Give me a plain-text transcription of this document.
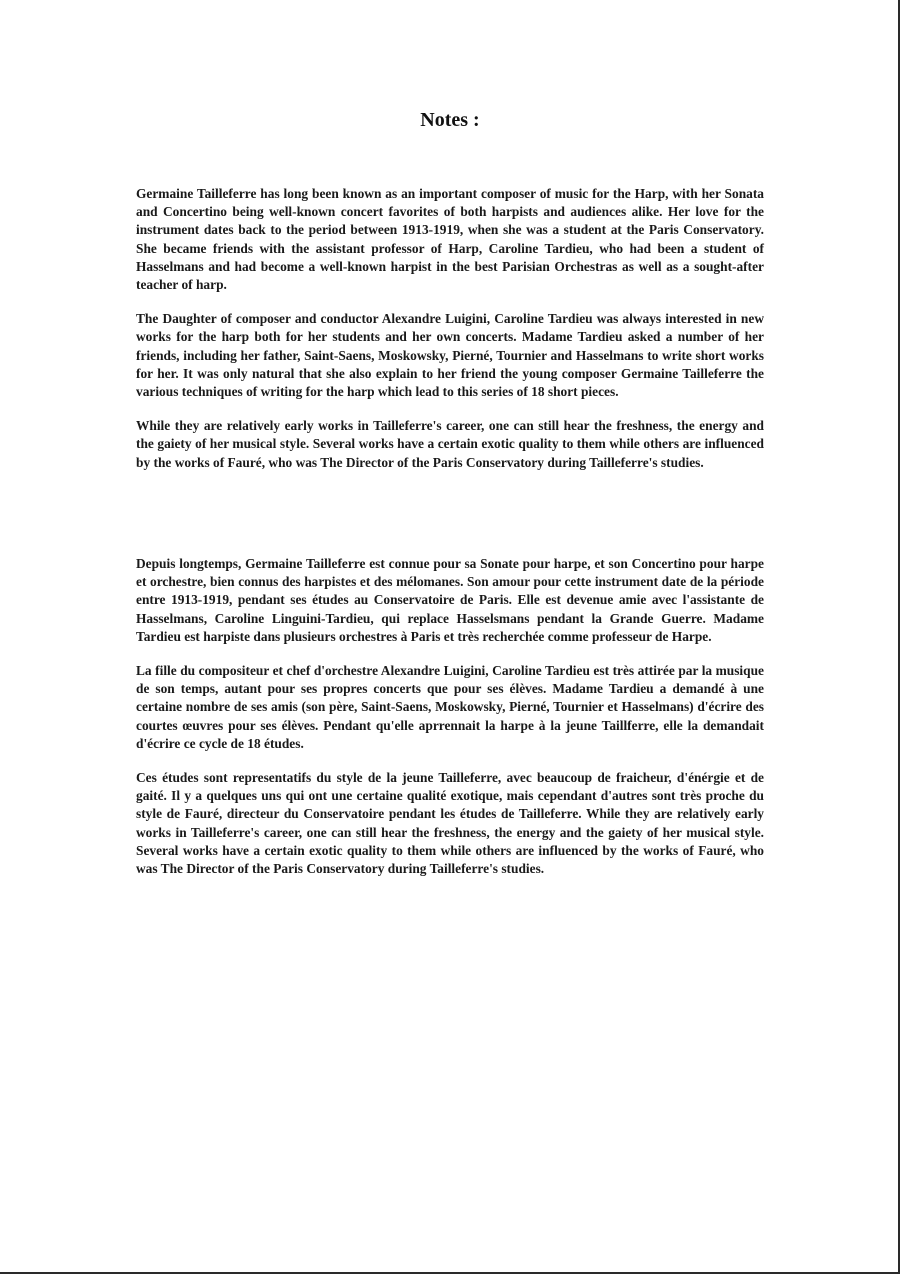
Notes :

Germaine Tailleferre has long been known as an important composer of music for the Harp, with her Sonata and Concertino being well-known concert favorites of both harpists and audiences alike. Her love for the instrument dates back to the period between 1913-1919, when she was a student at the Paris Conservatory. She became friends with the assistant professor of Harp, Caroline Tardieu, who had been a student of Hasselmans and had become a well-known harpist in the best Parisian Orchestras as well as a sought-after teacher of harp.

The Daughter of composer and conductor Alexandre Luigini, Caroline Tardieu was always interested in new works for the harp both for her students and her own concerts. Madame Tardieu asked a number of her friends, including her father, Saint-Saens, Moskowsky, Pierné, Tournier and Hasselmans to write short works for her. It was only natural that she also explain to her friend the young composer Germaine Tailleferre the various techniques of writing for the harp which lead to this series of 18 short pieces.

While they are relatively early works in Tailleferre's career, one can still hear the freshness, the energy and the gaiety of her musical style. Several works have a certain exotic quality to them while others are influenced by the works of Fauré, who was The Director of the Paris Conservatory during Tailleferre's studies.

Depuis longtemps, Germaine Tailleferre est connue pour sa Sonate pour harpe, et son Concertino pour harpe et orchestre, bien connus des harpistes et des mélomanes. Son amour pour cette instrument date de la période entre 1913-1919, pendant ses études au Conservatoire de Paris. Elle est devenue amie avec l'assistante de Hasselmans, Caroline Linguini-Tardieu, qui replace Hasselsmans pendant la Grande Guerre. Madame Tardieu est harpiste dans plusieurs orchestres à Paris et très recherchée comme professeur de Harpe.

La fille du compositeur et chef d'orchestre Alexandre Luigini, Caroline Tardieu est très attirée par la musique de son temps, autant pour ses propres concerts que pour ses élèves. Madame Tardieu a demandé à une certaine nombre de ses amis (son père, Saint-Saens, Moskowsky, Pierné, Tournier et Hasselmans) d'écrire des courtes œuvres pour ses élèves. Pendant qu'elle aprrennait la harpe à la jeune Taillferre, elle la demandait d'écrire ce cycle de 18 études.

Ces études sont representatifs du style de la jeune Tailleferre, avec beaucoup de fraicheur, d'énérgie et de gaité. Il y a quelques uns qui ont une certaine qualité exotique, mais cependant d'autres sont très proche du style de Fauré, directeur du Conservatoire pendant les études de Tailleferre. While they are relatively early works in Tailleferre's career, one can still hear the freshness, the energy and the gaiety of her musical style. Several works have a certain exotic quality to them while others are influenced by the works of Fauré, who was The Director of the Paris Conservatory during Tailleferre's studies.
